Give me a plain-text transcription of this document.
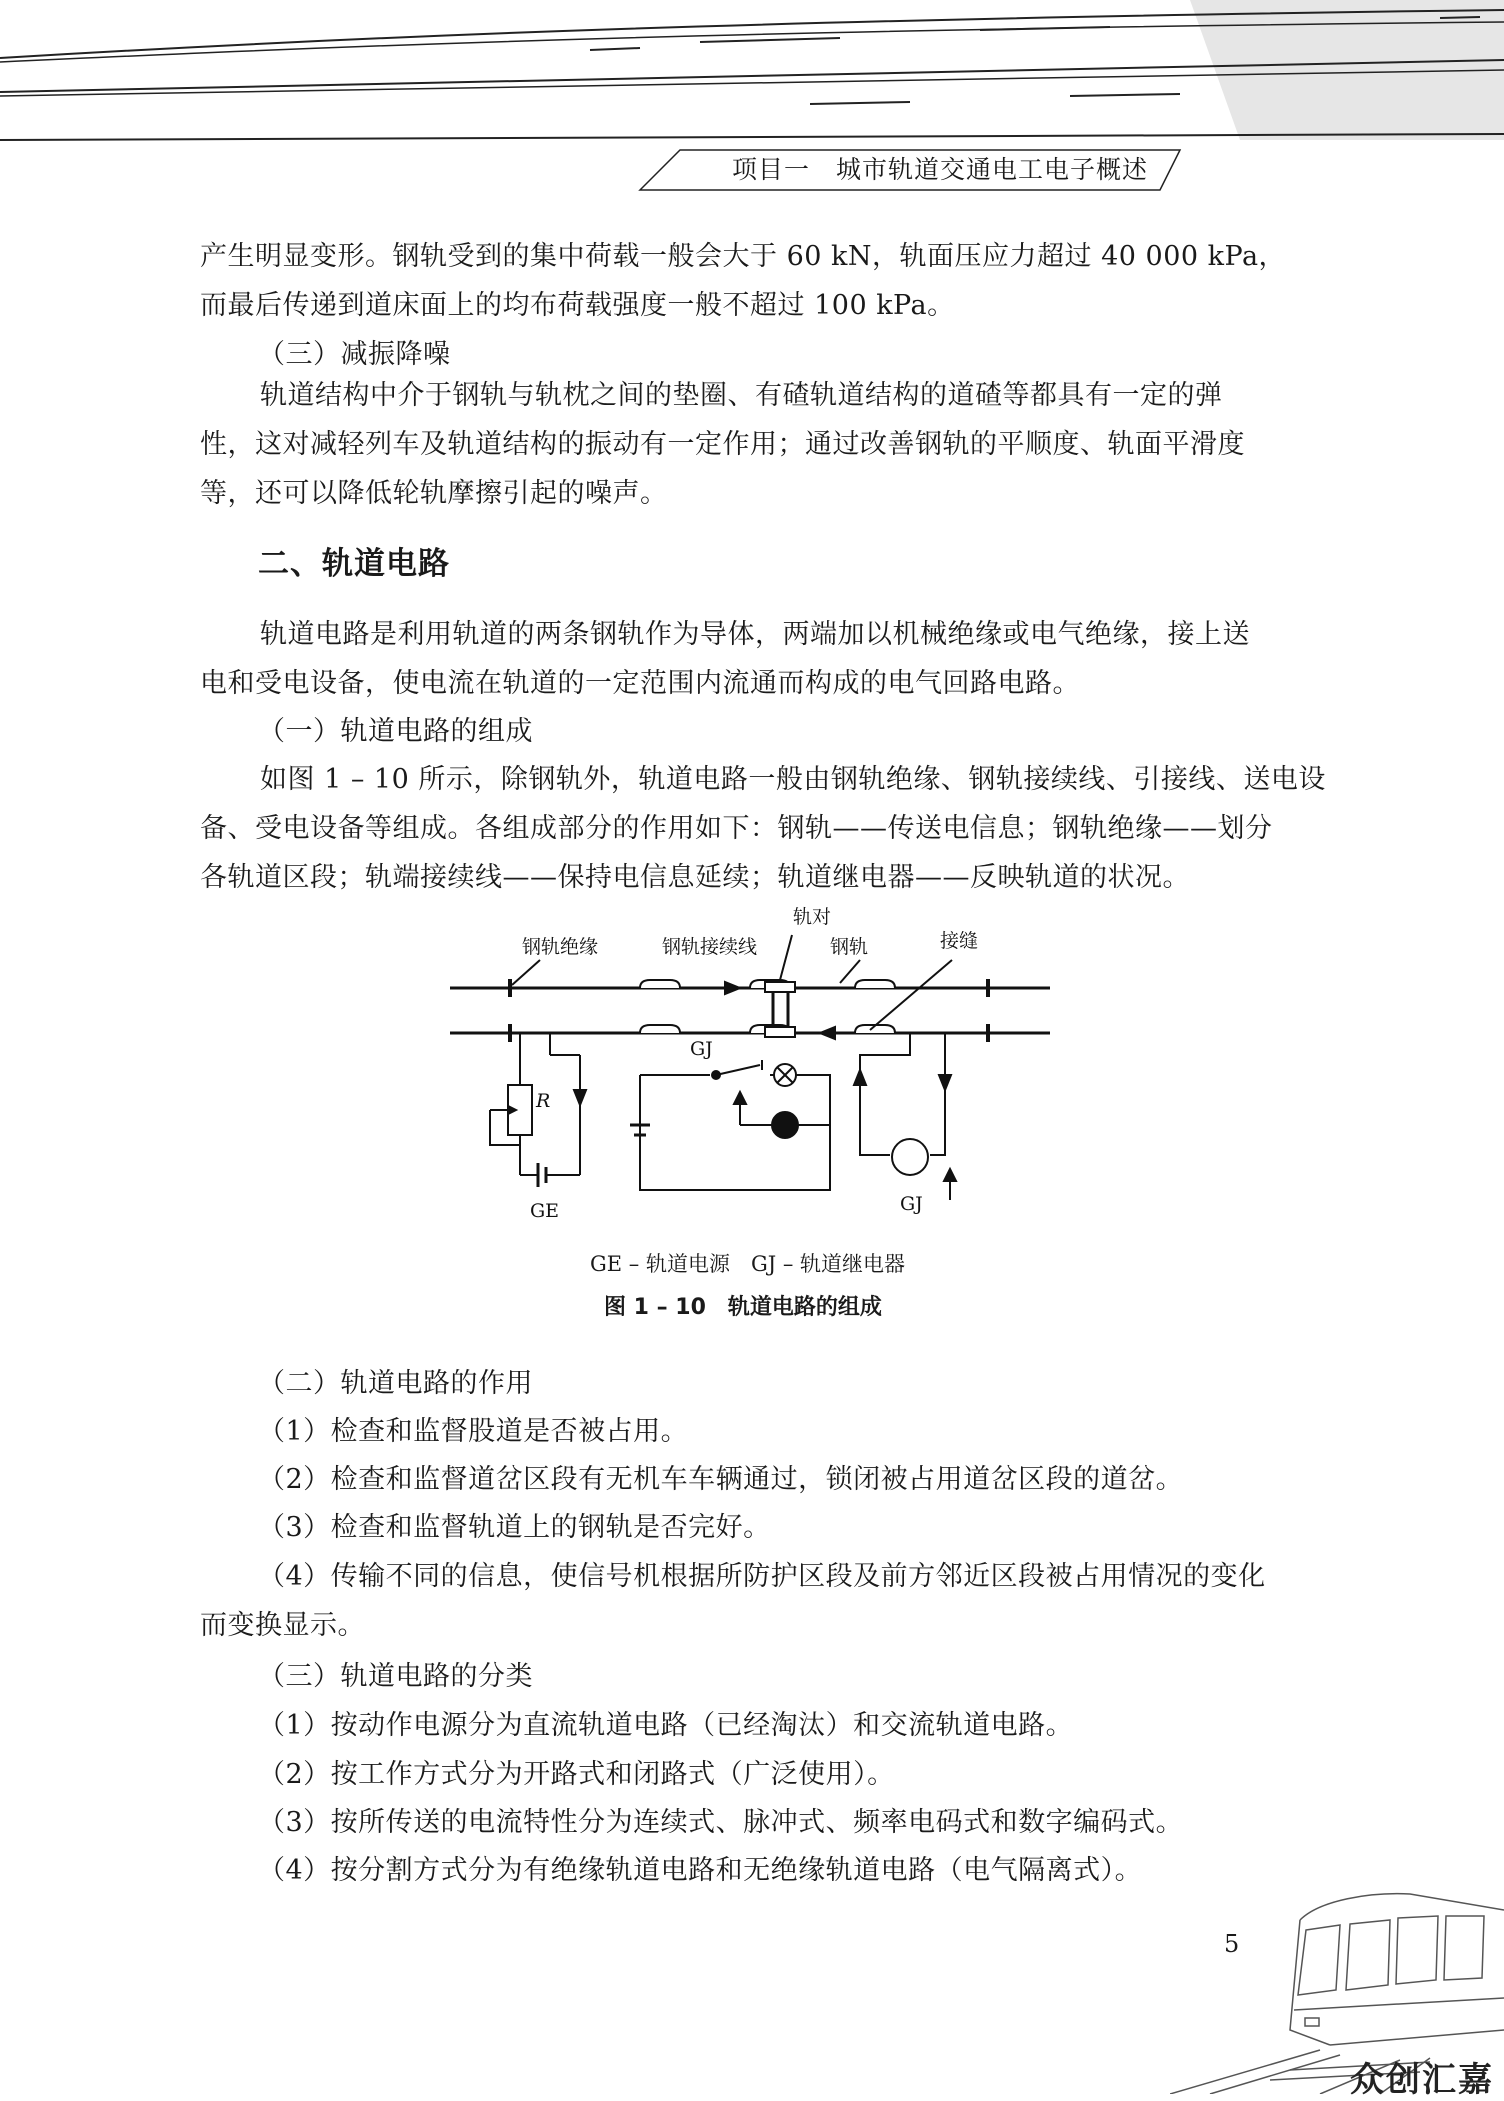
项目一　城市轨道交通电工电子概述
产生明显变形。钢轨受到的集中荷载一般会大于 60 kN，轨面压应力超过 40 000 kPa，
而最后传递到道床面上的均布荷载强度一般不超过 100 kPa。
（三）减振降噪
轨道结构中介于钢轨与轨枕之间的垫圈、有碴轨道结构的道碴等都具有一定的弹
性，这对减轻列车及轨道结构的振动有一定作用；通过改善钢轨的平顺度、轨面平滑度
等，还可以降低轮轨摩擦引起的噪声。
二、轨道电路
轨道电路是利用轨道的两条钢轨作为导体，两端加以机械绝缘或电气绝缘，接上送
电和受电设备，使电流在轨道的一定范围内流通而构成的电气回路电路。
（一）轨道电路的组成
如图 1 – 10 所示，除钢轨外，轨道电路一般由钢轨绝缘、钢轨接续线、引接线、送电设
备、受电设备等组成。各组成部分的作用如下：钢轨——传送电信息；钢轨绝缘——划分
各轨道区段；轨端接续线——保持电信息延续；轨道继电器——反映轨道的状况。
钢轨绝缘	钢轨接续线
轨对
钢轨	接缝
R
GE
GJ
GJ
GE – 轨道电源　GJ – 轨道继电器
图 1 – 10　轨道电路的组成
（二）轨道电路的作用
（1）检查和监督股道是否被占用。
（2）检查和监督道岔区段有无机车车辆通过，锁闭被占用道岔区段的道岔。
（3）检查和监督轨道上的钢轨是否完好。
（4）传输不同的信息，使信号机根据所防护区段及前方邻近区段被占用情况的变化
而变换显示。
（三）轨道电路的分类
（1）按动作电源分为直流轨道电路（已经淘汰）和交流轨道电路。
（2）按工作方式分为开路式和闭路式（广泛使用）。
（3）按所传送的电流特性分为连续式、脉冲式、频率电码式和数字编码式。
（4）按分割方式分为有绝缘轨道电路和无绝缘轨道电路（电气隔离式）。
5
众创汇嘉
